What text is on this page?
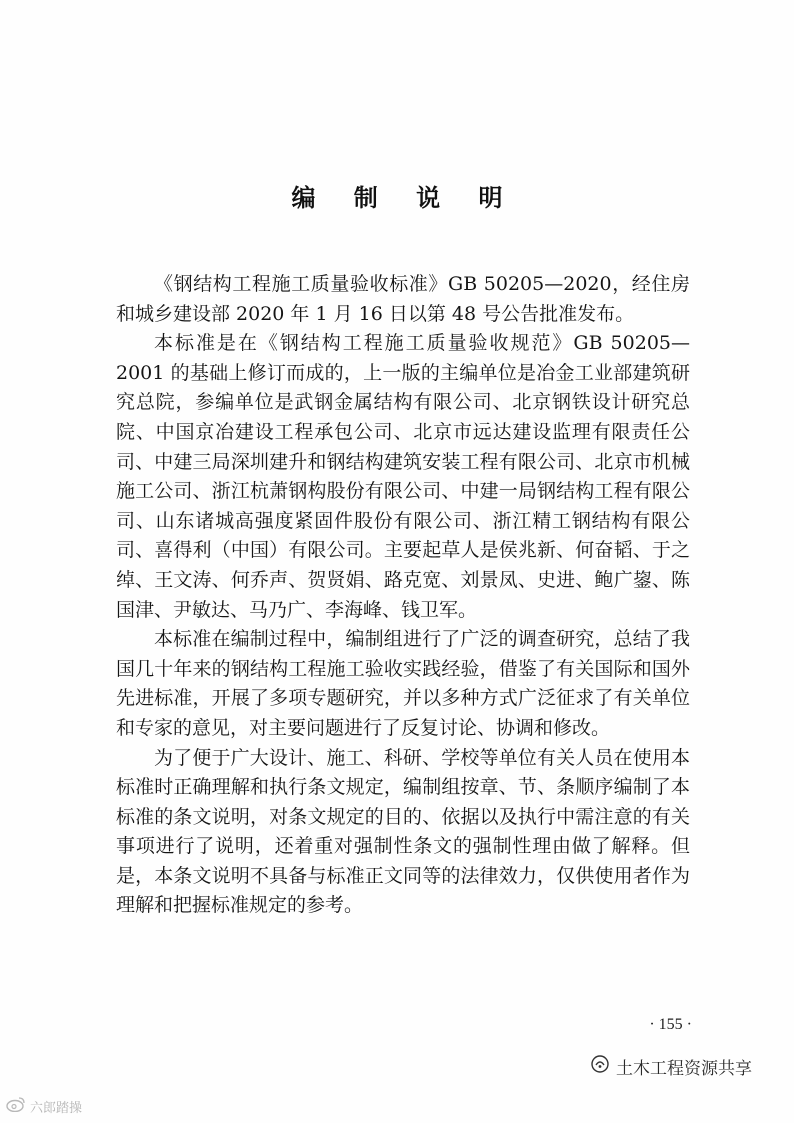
编 制 说 明

《钢结构工程施工质量验收标准》GB 50205—2020，经住房和城乡建设部 2020 年 1 月 16 日以第 48 号公告批准发布。

本标准是在《钢结构工程施工质量验收规范》GB 50205—2001 的基础上修订而成的，上一版的主编单位是冶金工业部建筑研究总院，参编单位是武钢金属结构有限公司、北京钢铁设计研究总院、中国京冶建设工程承包公司、北京市远达建设监理有限责任公司、中建三局深圳建升和钢结构建筑安装工程有限公司、北京市机械施工公司、浙江杭萧钢构股份有限公司、中建一局钢结构工程有限公司、山东诸城高强度紧固件股份有限公司、浙江精工钢结构有限公司、喜得利（中国）有限公司。主要起草人是侯兆新、何奋韬、于之绰、王文涛、何乔声、贺贤娟、路克宽、刘景凤、史进、鲍广鋆、陈国津、尹敏达、马乃广、李海峰、钱卫军。

本标准在编制过程中，编制组进行了广泛的调查研究，总结了我国几十年来的钢结构工程施工验收实践经验，借鉴了有关国际和国外先进标准，开展了多项专题研究，并以多种方式广泛征求了有关单位和专家的意见，对主要问题进行了反复讨论、协调和修改。

为了便于广大设计、施工、科研、学校等单位有关人员在使用本标准时正确理解和执行条文规定，编制组按章、节、条顺序编制了本标准的条文说明，对条文规定的目的、依据以及执行中需注意的有关事项进行了说明，还着重对强制性条文的强制性理由做了解释。但是，本条文说明不具备与标准正文同等的法律效力，仅供使用者作为理解和把握标准规定的参考。

· 155 ·
六郎踏操
土木工程资源共享
